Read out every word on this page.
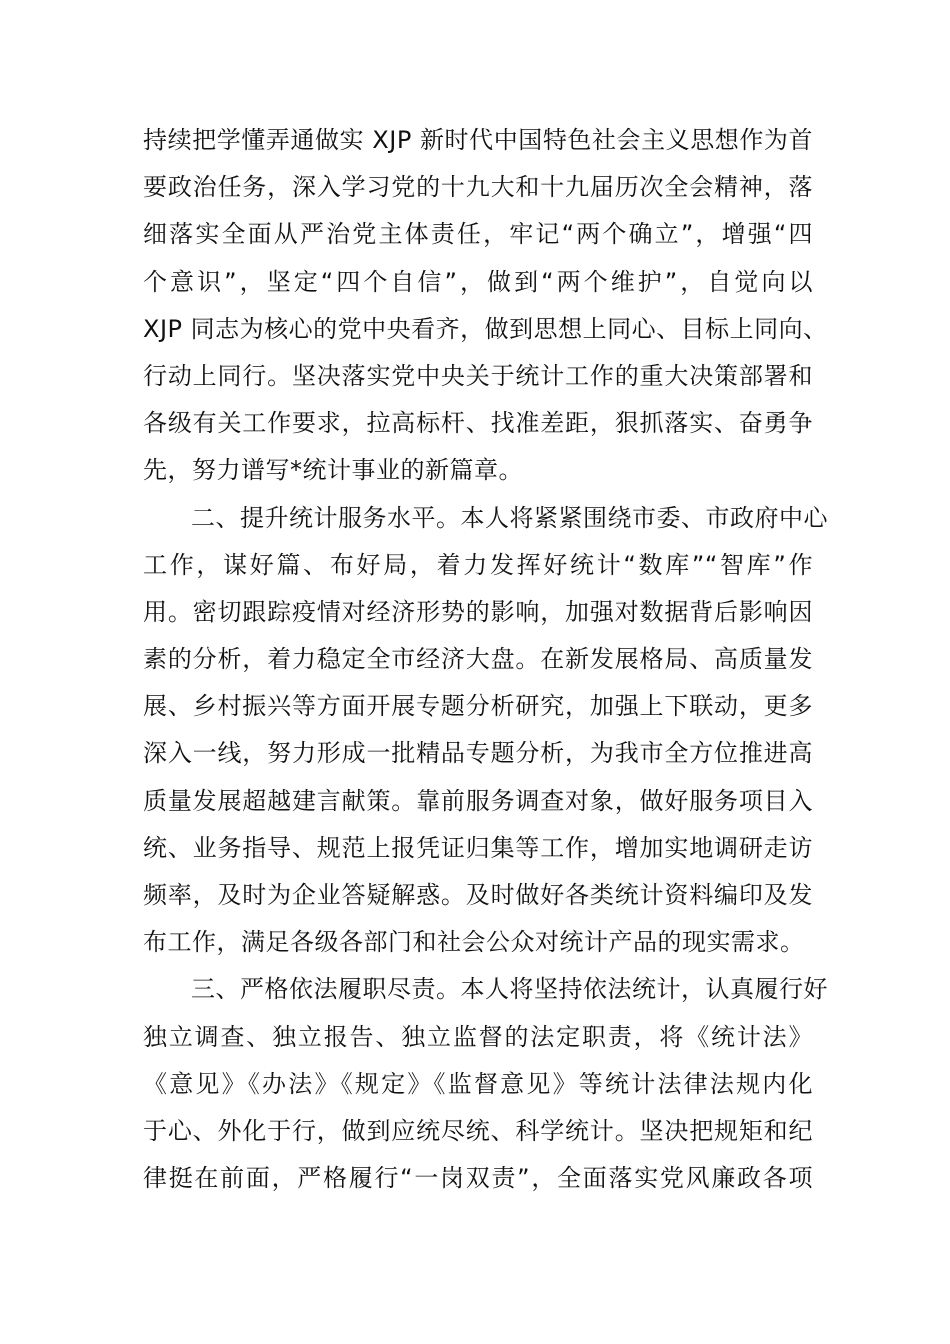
持续把学懂弄通做实 XJP 新时代中国特色社会主义思想作为首
要政治任务，深入学习党的十九大和十九届历次全会精神，落
细落实全面从严治党主体责任，牢记“两个确立”，增强“四
个意识”，坚定“四个自信”，做到“两个维护”，自觉向以
XJP 同志为核心的党中央看齐，做到思想上同心、目标上同向、
行动上同行。坚决落实党中央关于统计工作的重大决策部署和
各级有关工作要求，拉高标杆、找准差距，狠抓落实、奋勇争
先，努力谱写*统计事业的新篇章。
二、提升统计服务水平。本人将紧紧围绕市委、市政府中心
工作，谋好篇、布好局，着力发挥好统计“数库”“智库”作
用。密切跟踪疫情对经济形势的影响，加强对数据背后影响因
素的分析，着力稳定全市经济大盘。在新发展格局、高质量发
展、乡村振兴等方面开展专题分析研究，加强上下联动，更多
深入一线，努力形成一批精品专题分析，为我市全方位推进高
质量发展超越建言献策。靠前服务调查对象，做好服务项目入
统、业务指导、规范上报凭证归集等工作，增加实地调研走访
频率，及时为企业答疑解惑。及时做好各类统计资料编印及发
布工作，满足各级各部门和社会公众对统计产品的现实需求。
三、严格依法履职尽责。本人将坚持依法统计，认真履行好
独立调查、独立报告、独立监督的法定职责，将《统计法》
《意见》《办法》《规定》《监督意见》等统计法律法规内化
于心、外化于行，做到应统尽统、科学统计。坚决把规矩和纪
律挺在前面，严格履行“一岗双责”，全面落实党风廉政各项
